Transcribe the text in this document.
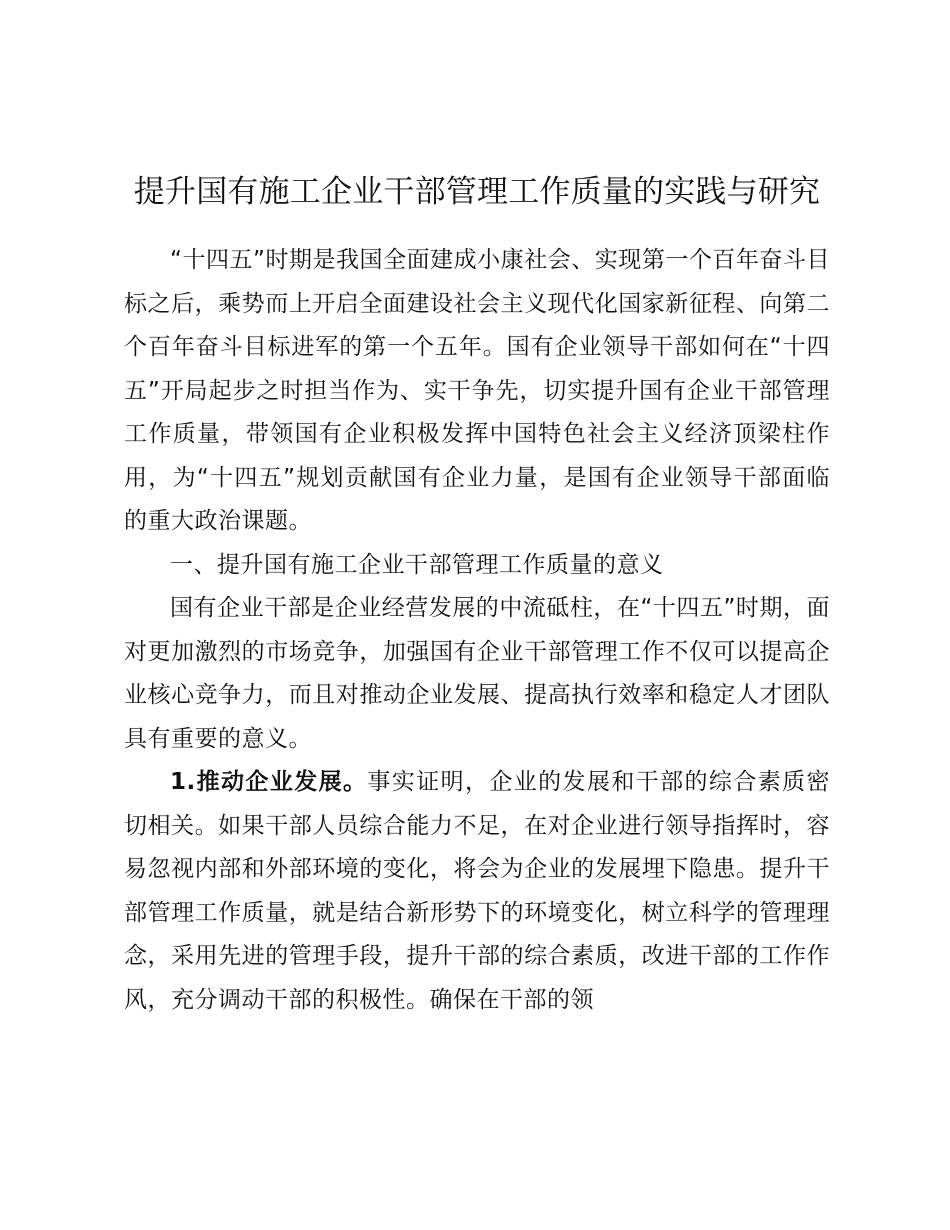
提升国有施工企业干部管理工作质量的实践与研究

“十四五”时期是我国全面建成小康社会、实现第一个百年奋斗目标之后，乘势而上开启全面建设社会主义现代化国家新征程、向第二个百年奋斗目标进军的第一个五年。国有企业领导干部如何在“十四五”开局起步之时担当作为、实干争先，切实提升国有企业干部管理工作质量，带领国有企业积极发挥中国特色社会主义经济顶梁柱作用，为“十四五”规划贡献国有企业力量，是国有企业领导干部面临的重大政治课题。

一、提升国有施工企业干部管理工作质量的意义

国有企业干部是企业经营发展的中流砥柱，在“十四五”时期，面对更加激烈的市场竞争，加强国有企业干部管理工作不仅可以提高企业核心竞争力，而且对推动企业发展、提高执行效率和稳定人才团队具有重要的意义。

1.推动企业发展。事实证明，企业的发展和干部的综合素质密切相关。如果干部人员综合能力不足，在对企业进行领导指挥时，容易忽视内部和外部环境的变化，将会为企业的发展埋下隐患。提升干部管理工作质量，就是结合新形势下的环境变化，树立科学的管理理念，采用先进的管理手段，提升干部的综合素质，改进干部的工作作风，充分调动干部的积极性。确保在干部的领
